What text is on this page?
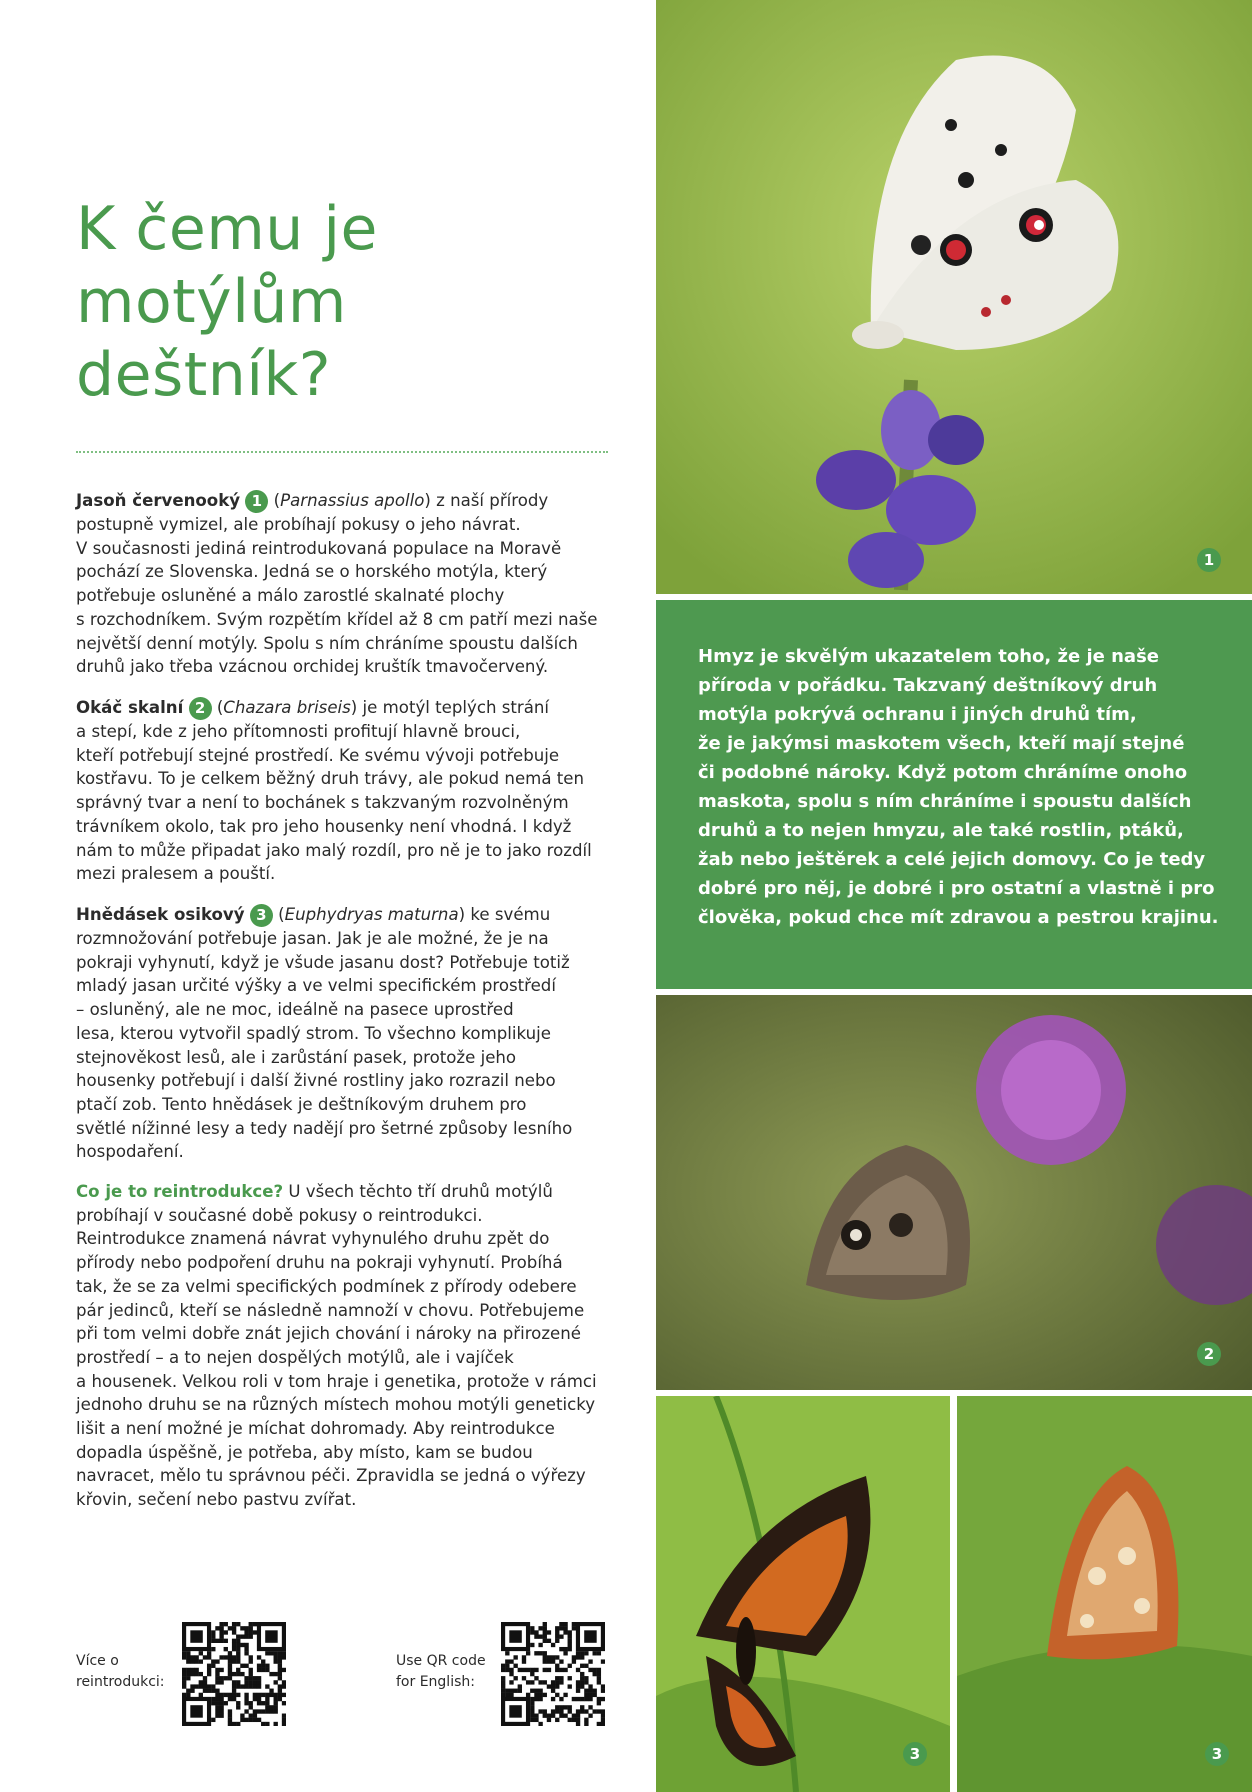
K čemu je
motýlům
deštník?

Jasoň červenooký 1 (Parnassius apollo) z naší přírody
postupně vymizel, ale probíhají pokusy o jeho návrat.
V současnosti jediná reintrodukovaná populace na Moravě
pochází ze Slovenska. Jedná se o horského motýla, který
potřebuje osluněné a málo zarostlé skalnaté plochy
s rozchodníkem. Svým rozpětím křídel až 8 cm patří mezi naše
největší denní motýly. Spolu s ním chráníme spoustu dalších
druhů jako třeba vzácnou orchidej kruštík tmavočervený.

Okáč skalní 2 (Chazara briseis) je motýl teplých strání
a stepí, kde z jeho přítomnosti profitují hlavně brouci,
kteří potřebují stejné prostředí. Ke svému vývoji potřebuje
kostřavu. To je celkem běžný druh trávy, ale pokud nemá ten
správný tvar a není to bochánek s takzvaným rozvolněným
trávníkem okolo, tak pro jeho housenky není vhodná. I když
nám to může připadat jako malý rozdíl, pro ně je to jako rozdíl
mezi pralesem a pouští.

Hnědásek osikový 3 (Euphydryas maturna) ke svému
rozmnožování potřebuje jasan. Jak je ale možné, že je na
pokraji vyhynutí, když je všude jasanu dost? Potřebuje totiž
mladý jasan určité výšky a ve velmi specifickém prostředí
– osluněný, ale ne moc, ideálně na pasece uprostřed
lesa, kterou vytvořil spadlý strom. To všechno komplikuje
stejnověkost lesů, ale i zarůstání pasek, protože jeho
housenky potřebují i další živné rostliny jako rozrazil nebo
ptačí zob. Tento hnědásek je deštníkovým druhem pro
světlé nížinné lesy a tedy nadějí pro šetrné způsoby lesního
hospodaření.

Co je to reintrodukce? U všech těchto tří druhů motýlů
probíhají v současné době pokusy o reintrodukci.
Reintrodukce znamená návrat vyhynulého druhu zpět do
přírody nebo podpoření druhu na pokraji vyhynutí. Probíhá
tak, že se za velmi specifických podmínek z přírody odebere
pár jedinců, kteří se následně namnoží v chovu. Potřebujeme
při tom velmi dobře znát jejich chování i nároky na přirozené
prostředí – a to nejen dospělých motýlů, ale i vajíček
a housenek. Velkou roli v tom hraje i genetika, protože v rámci
jednoho druhu se na různých místech mohou motýli geneticky
lišit a není možné je míchat dohromady. Aby reintrodukce
dopadla úspěšně, je potřeba, aby místo, kam se budou
navracet, mělo tu správnou péči. Zpravidla se jedná o výřezy
křovin, sečení nebo pastvu zvířat.

Více o
reintrodukci:
Use QR code
for English:
1

Hmyz je skvělým ukazatelem toho, že je naše
příroda v pořádku. Takzvaný deštníkový druh
motýla pokrývá ochranu i jiných druhů tím,
že je jakýmsi maskotem všech, kteří mají stejné
či podobné nároky. Když potom chráníme onoho
maskota, spolu s ním chráníme i spoustu dalších
druhů a to nejen hmyzu, ale také rostlin, ptáků,
žab nebo ještěrek a celé jejich domovy. Co je tedy
dobré pro něj, je dobré i pro ostatní a vlastně i pro
člověka, pokud chce mít zdravou a pestrou krajinu.

2
3	3
